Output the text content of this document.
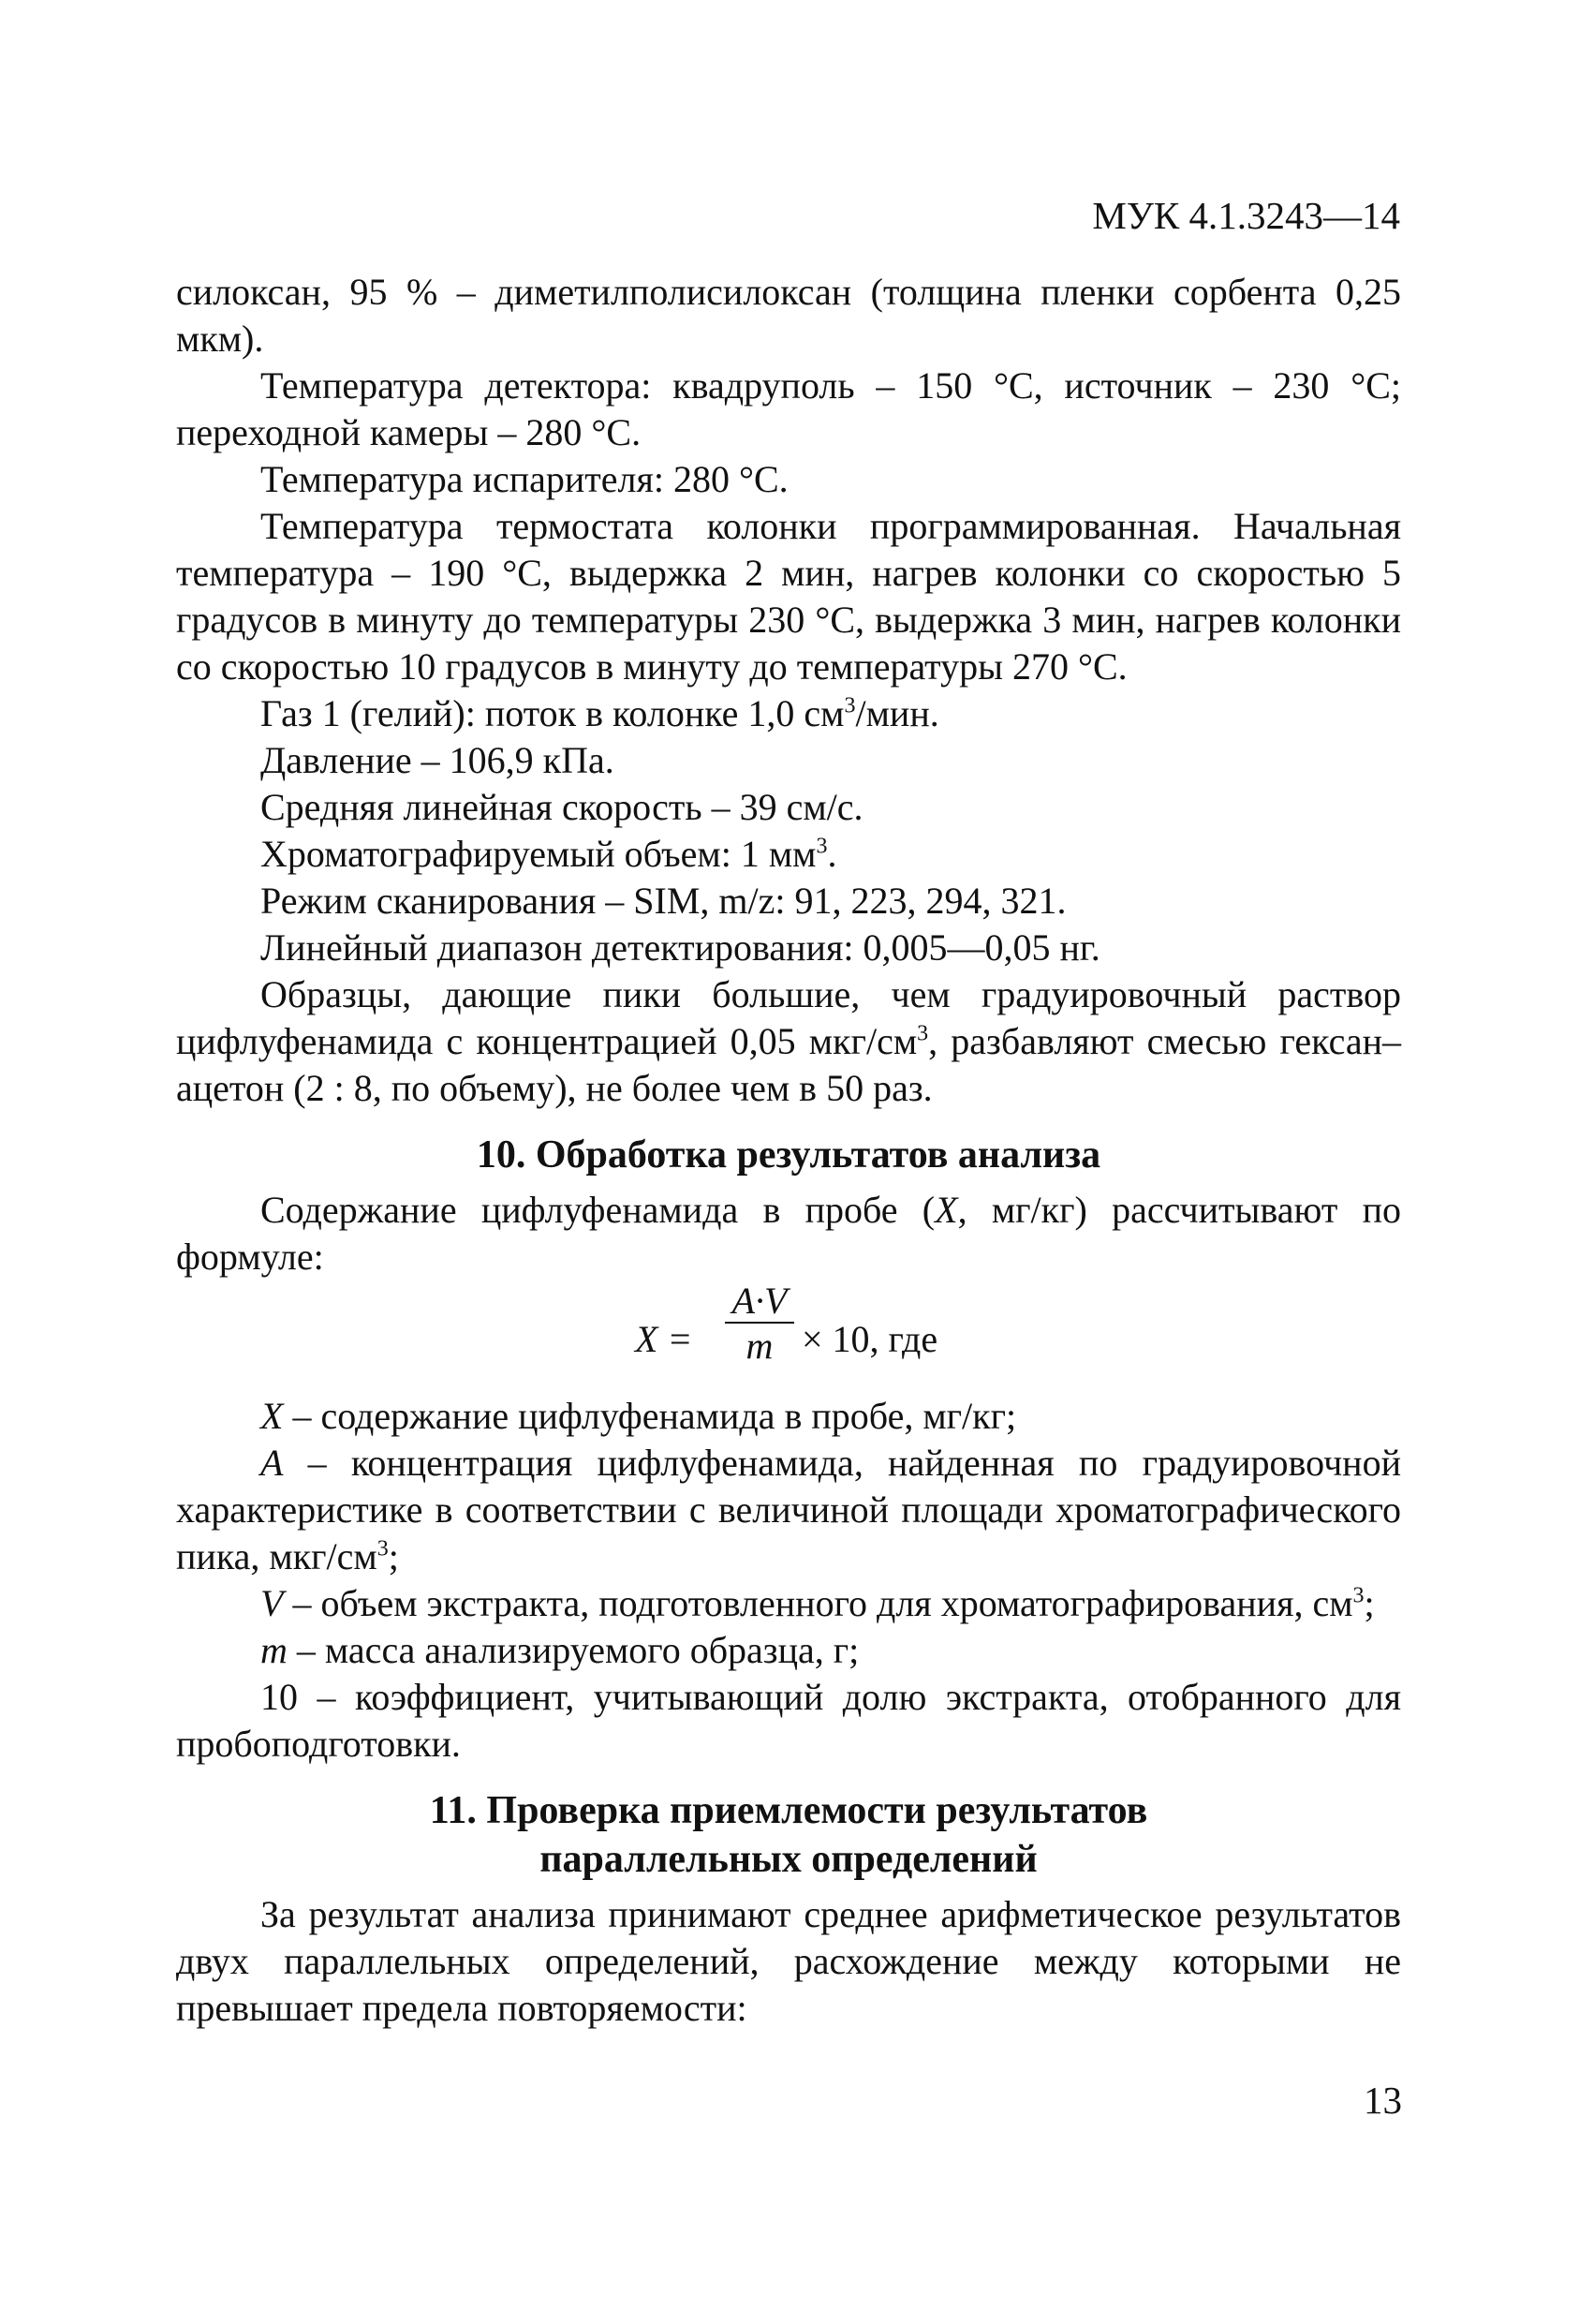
МУК 4.1.3243—14

силоксан, 95 % – диметилполисилоксан (толщина пленки сорбента 0,25 мкм).

Температура детектора: квадруполь – 150 °С, источник – 230 °С; переходной камеры – 280 °С.

Температура испарителя: 280 °С.

Температура термостата колонки программированная. Начальная температура – 190 °С, выдержка 2 мин, нагрев колонки со скоростью 5 градусов в минуту до температуры 230 °С, выдержка 3 мин, нагрев колонки со скоростью 10 градусов в минуту до температуры 270 °С.

Газ 1 (гелий): поток в колонке 1,0 $см^3$/мин.

Давление – 106,9 кПа.

Средняя линейная скорость – 39 см/с.

Хроматографируемый объем: 1 $мм^3$.

Режим сканирования – SIM, m/z: 91, 223, 294, 321.

Линейный диапазон детектирования: 0,005—0,05 нг.

Образцы, дающие пики большие, чем градуировочный раствор цифлуфенамида с концентрацией 0,05 мкг/$см^3$, разбавляют смесью гексан–ацетон (2 : 8, по объему), не более чем в 50 раз.

10. Обработка результатов анализа

Содержание цифлуфенамида в пробе (X, мг/кг) рассчитывают по формуле:

$X = \frac{A\cdot V}{m} \times 10$, где

X – содержание цифлуфенамида в пробе, мг/кг;

A – концентрация цифлуфенамида, найденная по градуировочной характеристике в соответствии с величиной площади хроматографического пика, мкг/$см^3$;

V – объем экстракта, подготовленного для хроматографирования, $см^3$;

m – масса анализируемого образца, г;

10 – коэффициент, учитывающий долю экстракта, отобранного для пробоподготовки.

11. Проверка приемлемости результатов
параллельных определений

За результат анализа принимают среднее арифметическое результатов двух параллельных определений, расхождение между которыми не превышает предела повторяемости:

13
